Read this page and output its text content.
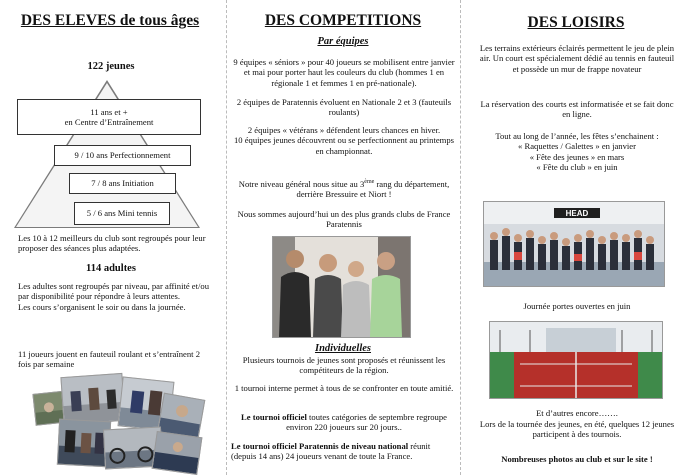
DES ELEVES de tous âges
122 jeunes
11 ans et +
en Centre d’Entraînement
9 / 10 ans Perfectionnement
7 / 8 ans Initiation
5 / 6 ans Mini tennis

Les 10 à 12 meilleurs du club sont regroupés pour leur proposer des séances plus adaptées.

114 adultes

Les adultes sont regroupés par niveau, par affinité et/ou par disponibilité pour répondre à leurs attentes.
Les cours s’organisent le soir ou dans la journée.

11 joueurs jouent en fauteuil roulant et s’entraînent 2 fois par semaine

DES COMPETITIONS
Par équipes

9 équipes « séniors » pour 40 joueurs se mobilisent entre janvier et mai pour porter haut les couleurs du club (hommes 1 en régionale 1 et femmes 1 en pré-nationale).

2 équipes de Paratennis évoluent en Nationale 2 et 3 (fauteuils roulants)

2 équipes « vétérans » défendent leurs chances en hiver.
10 équipes jeunes découvrent ou se perfectionnent au printemps en championnat.

Notre niveau général nous situe au 3ème rang du département, derrière Bressuire et Niort !

Nous sommes aujourd’hui un des plus grands clubs de France Paratennis

Individuelles

Plusieurs tournois de jeunes sont proposés et réunissent les compétiteurs de la région.

1 tournoi interne permet à tous de se confronter en toute amitié.

Le tournoi officiel toutes catégories de septembre regroupe environ 220 joueurs sur 20 jours..

Le tournoi officiel Paratennis de niveau national réunit (depuis 14 ans) 24 joueurs venant de toute la France.

DES LOISIRS

Les terrains extérieurs éclairés permettent le jeu de plein air. Un court est spécialement dédié au tennis en fauteuil et possède un mur de frappe novateur

La réservation des courts est informatisée et se fait donc en ligne.

Tout au long de l’année, les fêtes s’enchainent :
« Raquettes / Galettes » en janvier
« Fête des jeunes » en mars
« Fête du club » en juin

HEAD

Journée portes ouvertes en juin

Et d’autres encore…….

Lors de la tournée des jeunes, en été, quelques 12 jeunes participent à des tournois.

Nombreuses photos au club et sur le site !
